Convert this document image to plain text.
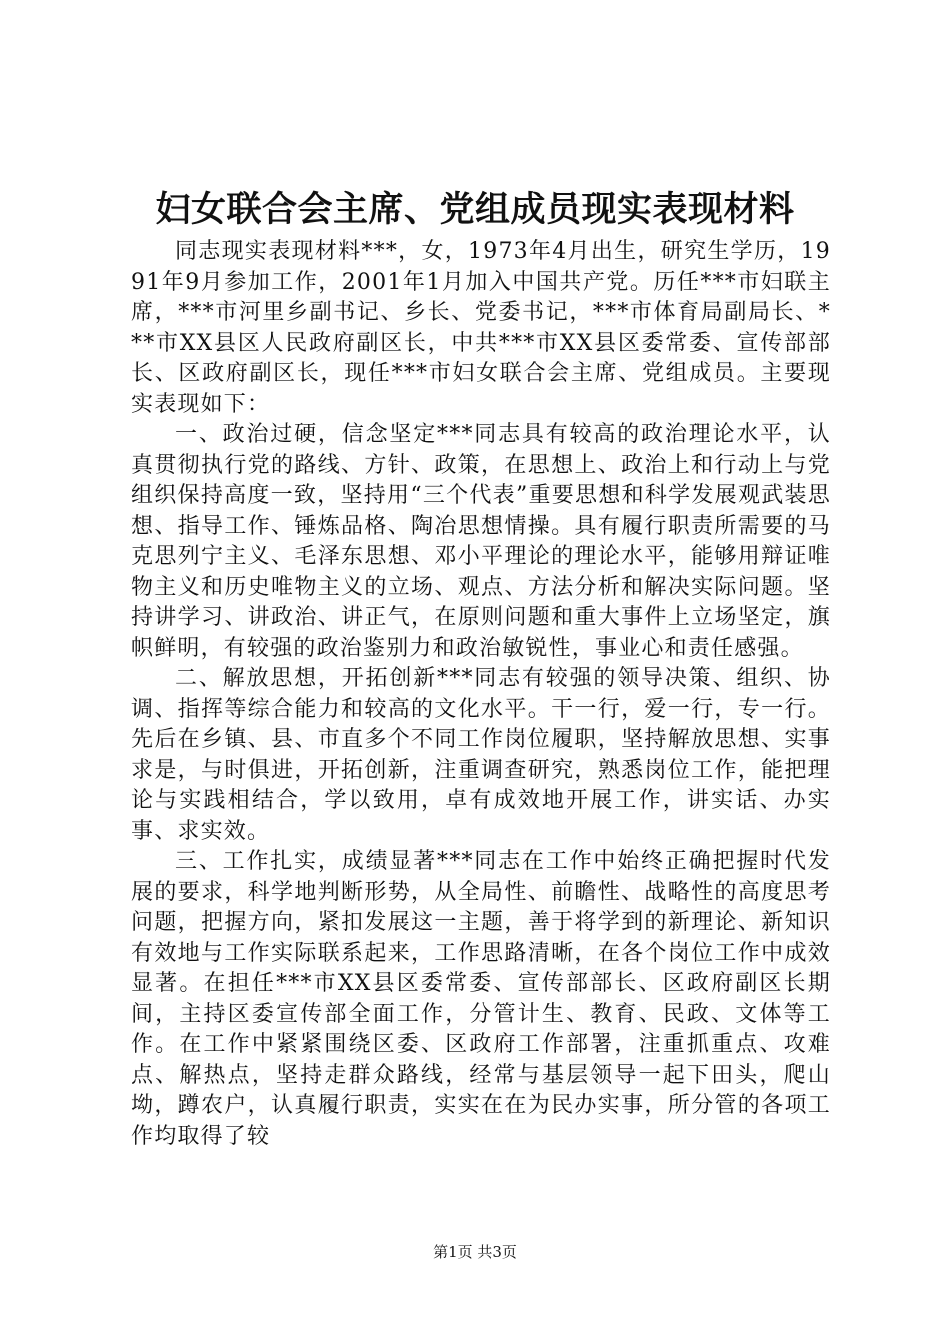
妇女联合会主席、党组成员现实表现材料

同志现实表现材料***，女，1973年4月出生，研究生学历，1991年9月参加工作，2001年1月加入中国共产党。历任***市妇联主席，***市河里乡副书记、乡长、党委书记，***市体育局副局长、***市XX县区人民政府副区长，中共***市XX县区委常委、宣传部部长、区政府副区长，现任***市妇女联合会主席、党组成员。主要现实表现如下：

一、政治过硬，信念坚定***同志具有较高的政治理论水平，认真贯彻执行党的路线、方针、政策，在思想上、政治上和行动上与党组织保持高度一致，坚持用“三个代表”重要思想和科学发展观武装思想、指导工作、锤炼品格、陶冶思想情操。具有履行职责所需要的马克思列宁主义、毛泽东思想、邓小平理论的理论水平，能够用辩证唯物主义和历史唯物主义的立场、观点、方法分析和解决实际问题。坚持讲学习、讲政治、讲正气，在原则问题和重大事件上立场坚定，旗帜鲜明，有较强的政治鉴别力和政治敏锐性，事业心和责任感强。

二、解放思想，开拓创新***同志有较强的领导决策、组织、协调、指挥等综合能力和较高的文化水平。干一行，爱一行，专一行。先后在乡镇、县、市直多个不同工作岗位履职，坚持解放思想、实事求是，与时俱进，开拓创新，注重调查研究，熟悉岗位工作，能把理论与实践相结合，学以致用，卓有成效地开展工作，讲实话、办实事、求实效。

三、工作扎实，成绩显著***同志在工作中始终正确把握时代发展的要求，科学地判断形势，从全局性、前瞻性、战略性的高度思考问题，把握方向，紧扣发展这一主题，善于将学到的新理论、新知识有效地与工作实际联系起来，工作思路清晰，在各个岗位工作中成效显著。在担任***市XX县区委常委、宣传部部长、区政府副区长期间，主持区委宣传部全面工作，分管计生、教育、民政、文体等工作。在工作中紧紧围绕区委、区政府工作部署，注重抓重点、攻难点、解热点，坚持走群众路线，经常与基层领导一起下田头，爬山坳，蹲农户，认真履行职责，实实在在为民办实事，所分管的各项工作均取得了较

第1页 共3页
